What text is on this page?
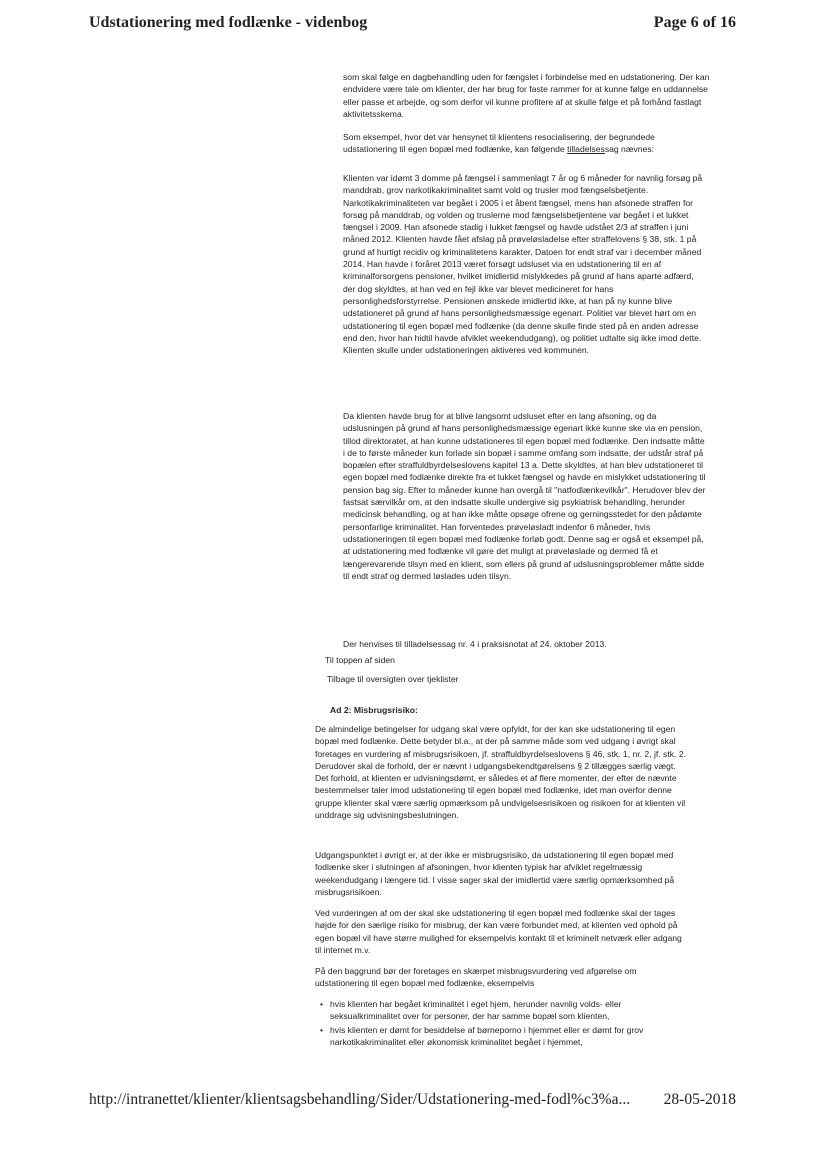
Udstationering med fodlænke - videnbog	Page 6 of 16

som skal følge en dagbehandling uden for fængslet i forbindelse med en udstationering. Der kan endvidere være tale om klienter, der har brug for faste rammer for at kunne følge en uddannelse eller passe et arbejde, og som derfor vil kunne profitere af at skulle følge et på forhånd fastlagt aktivitetsskema.

Som eksempel, hvor det var hensynet til klientens resocialisering, der begrundede udstationering til egen bopæl med fodlænke, kan følgende tilladelsessag nævnes:

Klienten var idømt 3 domme på fængsel i sammenlagt 7 år og 6 måneder for navnlig forsøg på manddrab, grov narkotikakriminalitet samt vold og trusler mod fængselsbetjente. Narkotikakriminaliteten var begået i 2005 i et åbent fængsel, mens han afsonede straffen for forsøg på manddrab, og volden og truslerne mod fængselsbetjentene var begået i et lukket fængsel i 2009. Han afsonede stadig i lukket fængsel og havde udstået 2/3 af straffen i juni måned 2012. Klienten havde fået afslag på prøveløsladelse efter straffelovens § 38, stk. 1 på grund af hurtigt recidiv og kriminalitetens karakter. Datoen for endt straf var i december måned 2014. Han havde i foråret 2013 været forsøgt udsluset via en udstationering til en af kriminalforsorgens pensioner, hvilket imidlertid mislykkedes på grund af hans aparte adfærd, der dog skyldtes, at han ved en fejl ikke var blevet medicineret for hans personlighedsforstyrrelse. Pensionen ønskede imidlertid ikke, at han på ny kunne blive udstationeret på grund af hans personlighedsmæssige egenart. Politiet var blevet hørt om en udstationering til egen bopæl med fodlænke (da denne skulle finde sted på en anden adresse end den, hvor han hidtil havde afviklet weekendudgang), og politiet udtalte sig ikke imod dette. Klienten skulle under udstationeringen aktiveres ved kommunen.

Da klienten havde brug for at blive langsomt udsluset efter en lang afsoning, og da udslusningen på grund af hans personlighedsmæssige egenart ikke kunne ske via en pension, tillod direktoratet, at han kunne udstationeres til egen bopæl med fodlænke. Den indsatte måtte i de to første måneder kun forlade sin bopæl i samme omfang som indsatte, der udstår straf på bopælen efter straffuldbyrdelseslovens kapitel 13 a. Dette skyldtes, at han blev udstationeret til egen bopæl med fodlænke direkte fra et lukket fængsel og havde en mislykket udstationering til pension bag sig. Efter to måneder kunne han overgå til "natfodlænkevilkår". Herudover blev der fastsat særvilkår om, at den indsatte skulle undergive sig psykiatrisk behandling, herunder medicinsk behandling, og at han ikke måtte opsøge ofrene og gerningsstedet for den pådømte personfarlige kriminalitet. Han forventedes prøveløsladt indenfor 6 måneder, hvis udstationeringen til egen bopæl med fodlænke forløb godt. Denne sag er også et eksempel på, at udstationering med fodlænke vil gøre det muligt at prøveløslade og dermed få et længerevarende tilsyn med en klient, som ellers på grund af udslusningsproblemer måtte sidde til endt straf og dermed løslades uden tilsyn.

Der henvises til tilladelsessag nr. 4 i praksisnotat af 24. oktober 2013.

Til toppen af siden

Tilbage til oversigten over tjeklister

Ad 2: Misbrugsrisiko:

De almindelige betingelser for udgang skal være opfyldt, for der kan ske udstationering til egen bopæl med fodlænke. Dette betyder bl.a., at der på samme måde som ved udgang i øvrigt skal foretages en vurdering af misbrugsrisikoen, jf. straffuldbyrdelseslovens § 46, stk. 1, nr. 2, jf. stk. 2. Derudover skal de forhold, der er nævnt i udgangsbekendtgørelsens § 2 tillægges særlig vægt. Det forhold, at klienten er udvisningsdømt, er således et af flere momenter, der efter de nævnte bestemmelser taler imod udstationering til egen bopæl med fodlænke, idet man overfor denne gruppe klienter skal være særlig opmærksom på undvigelsesrisikoen og risikoen for at klienten vil unddrage sig udvisningsbeslutningen.

Udgangspunktet i øvrigt er, at der ikke er misbrugsrisiko, da udstationering til egen bopæl med fodlænke sker i slutningen af afsoningen, hvor klienten typisk har afviklet regelmæssig weekendudgang i længere tid. I visse sager skal der imidlertid være særlig opmærksomhed på misbrugsrisikoen.

Ved vurderingen af om der skal ske udstationering til egen bopæl med fodlænke skal der tages højde for den særlige risiko for misbrug, der kan være forbundet med, at klienten ved ophold på egen bopæl vil have større mulighed for eksempelvis kontakt til et kriminelt netværk eller adgang til internet m.v.

På den baggrund bør der foretages en skærpet misbrugsvurdering ved afgørelse om udstationering til egen bopæl med fodlænke, eksempelvis

• hvis klienten har begået kriminalitet i eget hjem, herunder navnlig volds- eller seksualkriminalitet over for personer, der har samme bopæl som klienten,
• hvis klienten er dømt for besiddelse af børneporno i hjemmet eller er dømt for grov narkotikakriminalitet eller økonomisk kriminalitet begået i hjemmet,
http://intranettet/klienter/klientsagsbehandling/Sider/Udstationering-med-fodl%c3%a... 28-05-2018
